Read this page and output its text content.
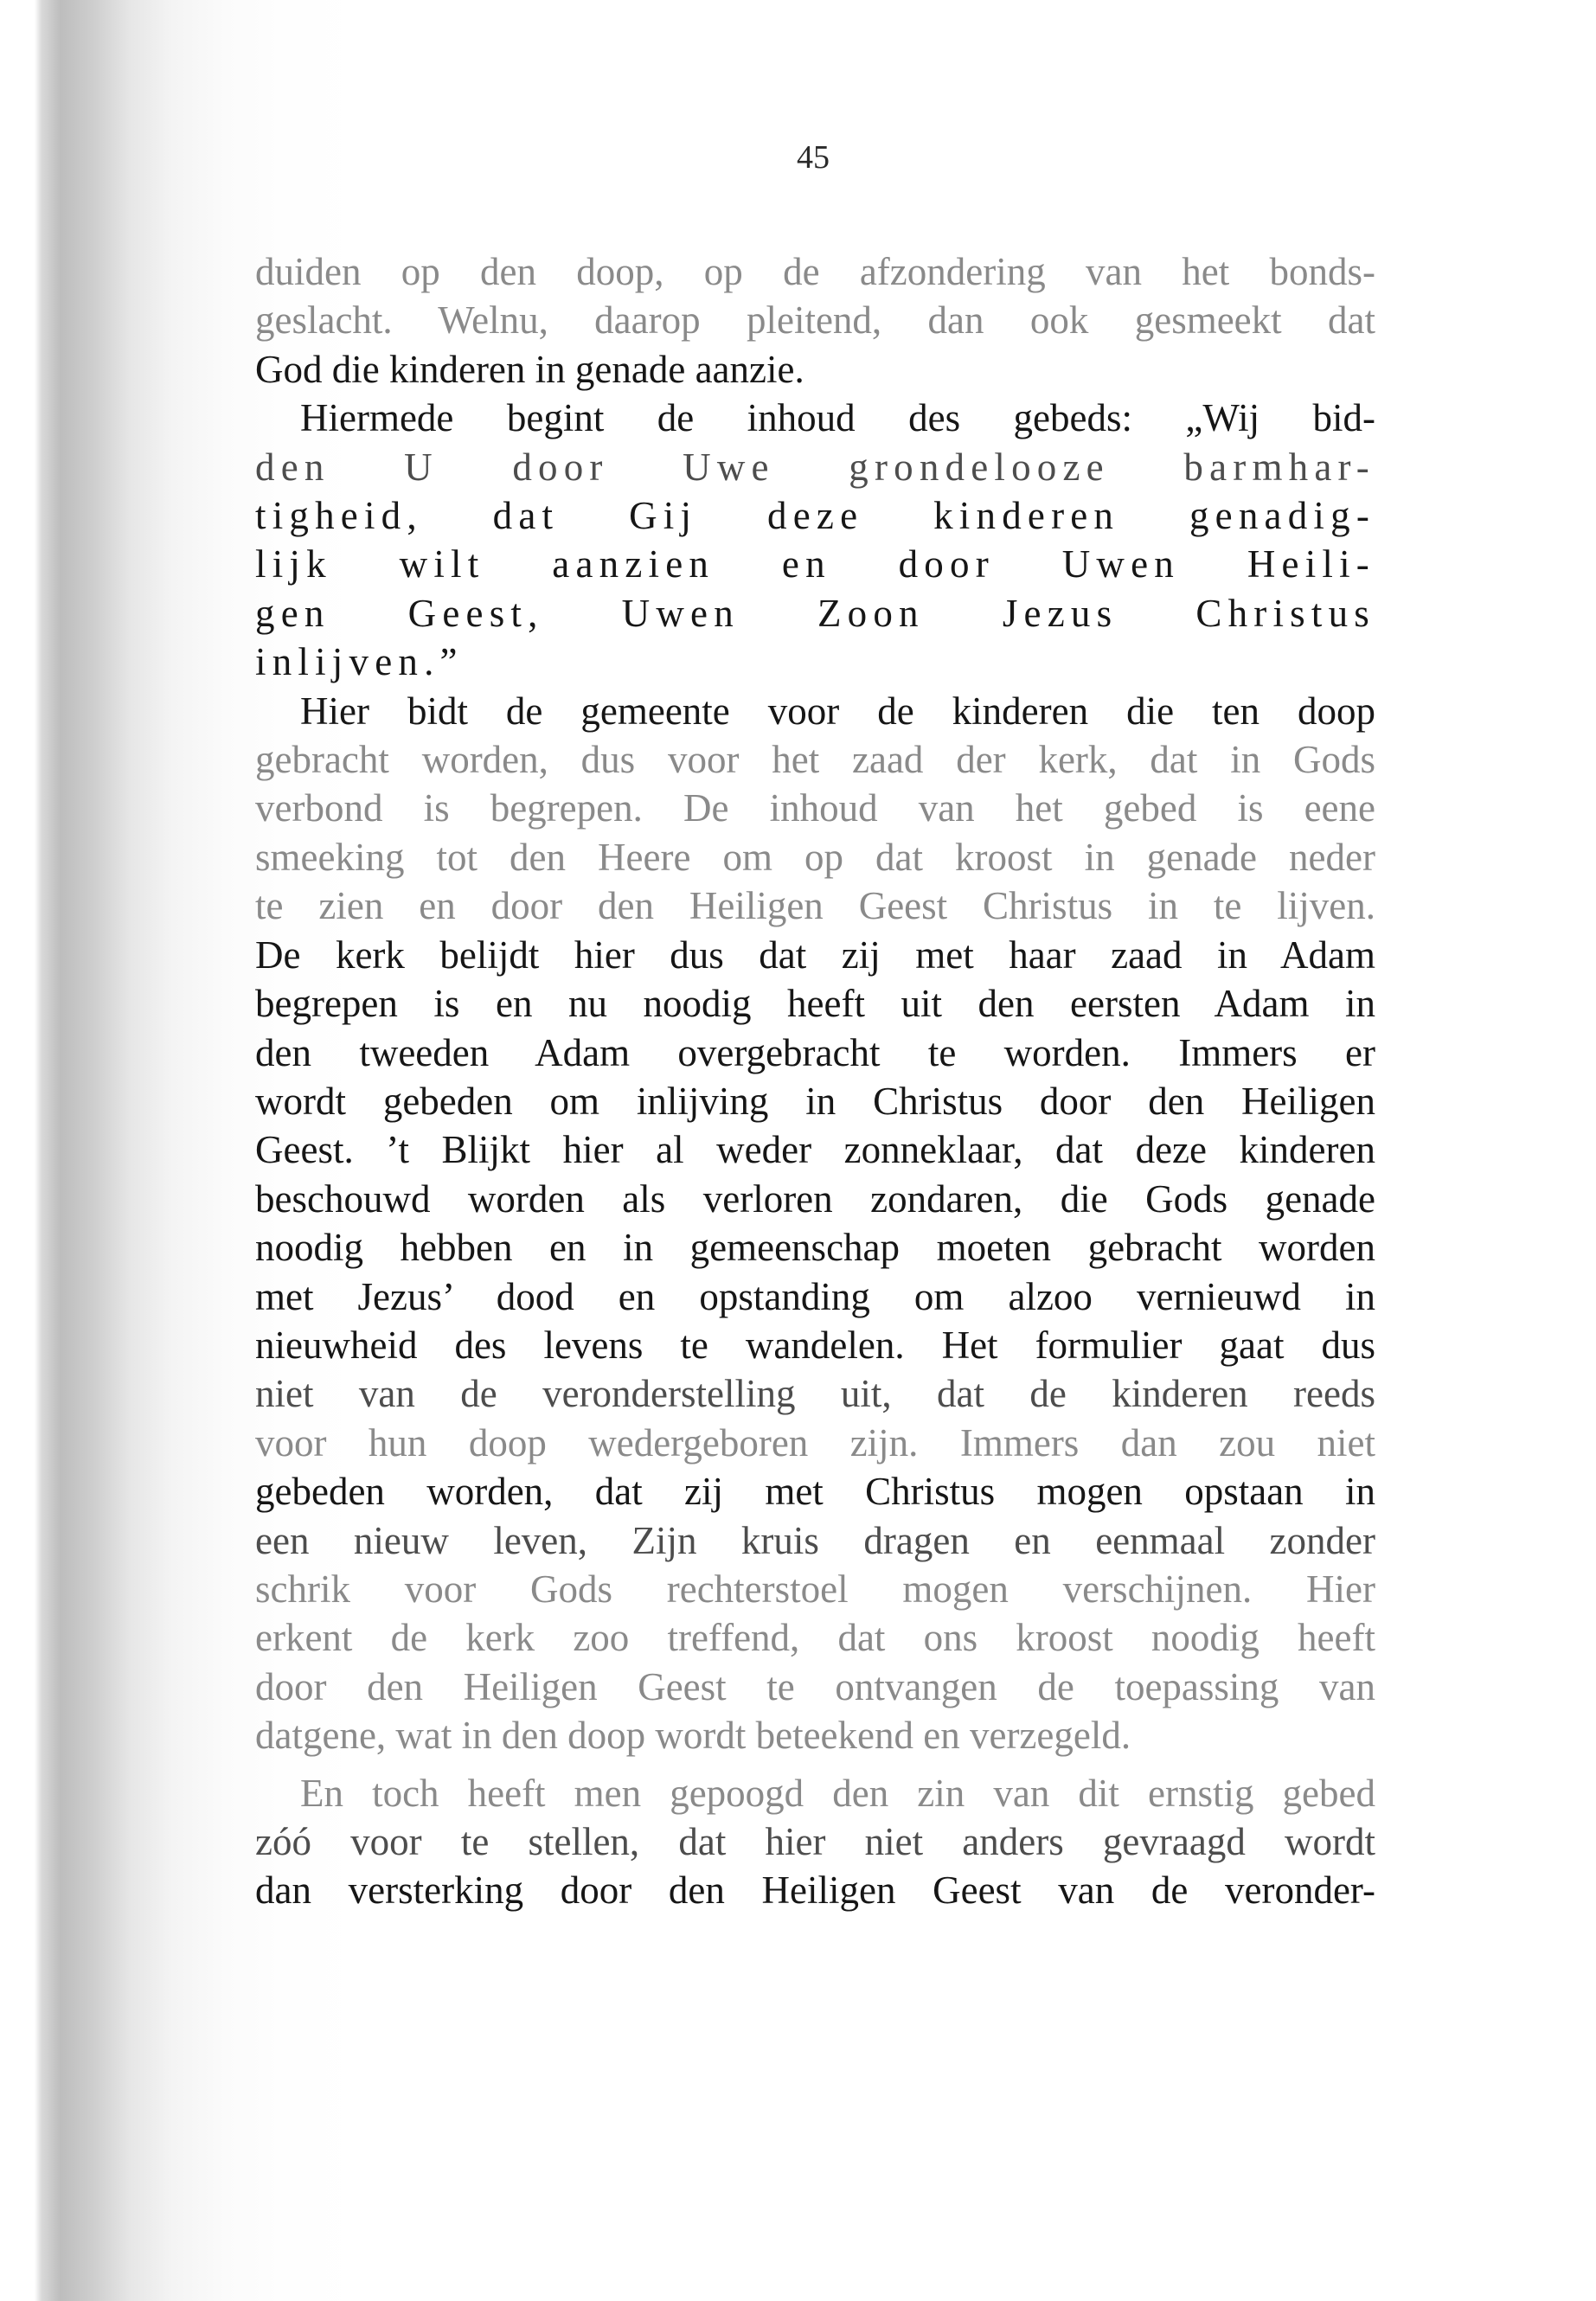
45
duiden op den doop, op de afzondering van het bonds-
geslacht. Welnu, daarop pleitend, dan ook gesmeekt dat
God die kinderen in genade aanzie.
Hiermede begint de inhoud des gebeds: „Wij bid-
den U door Uwe grondelooze barmhar-
tigheid, dat Gij deze kinderen genadig-
lijk wilt aanzien en door Uwen Heili-
gen Geest, Uwen Zoon Jezus Christus
inlijven.”
Hier bidt de gemeente voor de kinderen die ten doop
gebracht worden, dus voor het zaad der kerk, dat in Gods
verbond is begrepen. De inhoud van het gebed is eene
smeeking tot den Heere om op dat kroost in genade neder
te zien en door den Heiligen Geest Christus in te lijven.
De kerk belijdt hier dus dat zij met haar zaad in Adam
begrepen is en nu noodig heeft uit den eersten Adam in
den tweeden Adam overgebracht te worden. Immers er
wordt gebeden om inlijving in Christus door den Heiligen
Geest. ’t Blijkt hier al weder zonneklaar, dat deze kinderen
beschouwd worden als verloren zondaren, die Gods genade
noodig hebben en in gemeenschap moeten gebracht worden
met Jezus’ dood en opstanding om alzoo vernieuwd in
nieuwheid des levens te wandelen. Het formulier gaat dus
niet van de veronderstelling uit, dat de kinderen reeds
voor hun doop wedergeboren zijn. Immers dan zou niet
gebeden worden, dat zij met Christus mogen opstaan in
een nieuw leven, Zijn kruis dragen en eenmaal zonder
schrik voor Gods rechterstoel mogen verschijnen. Hier
erkent de kerk zoo treffend, dat ons kroost noodig heeft
door den Heiligen Geest te ontvangen de toepassing van
datgene, wat in den doop wordt beteekend en verzegeld.
En toch heeft men gepoogd den zin van dit ernstig gebed
zóó voor te stellen, dat hier niet anders gevraagd wordt
dan versterking door den Heiligen Geest van de veronder-
